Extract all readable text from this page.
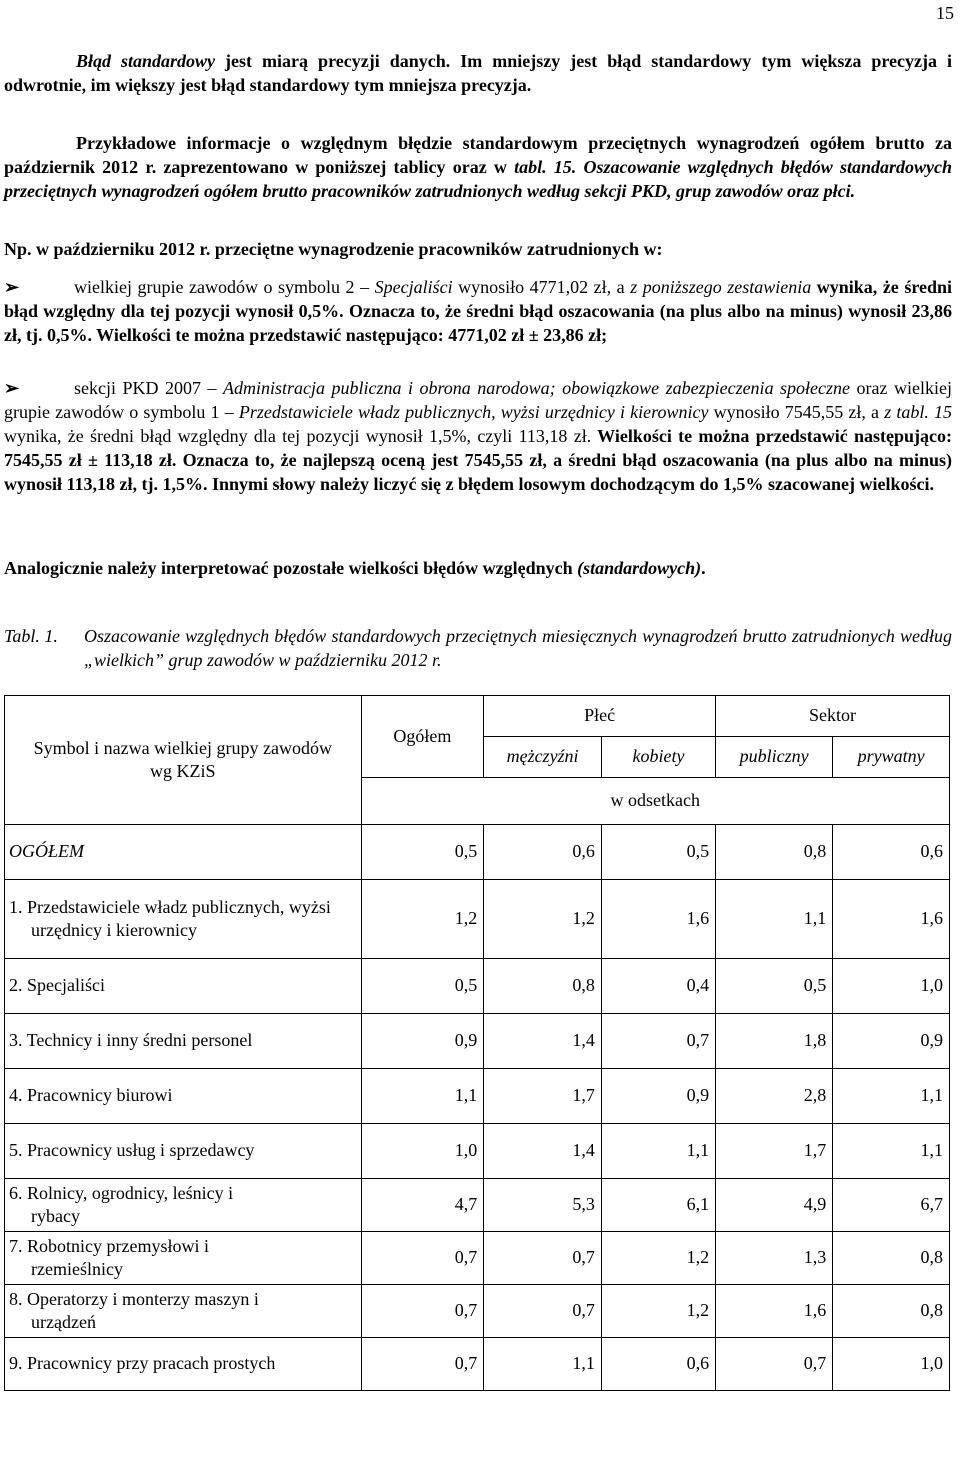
15

Błąd standardowy jest miarą precyzji danych. Im mniejszy jest błąd standardowy tym większa precyzja i odwrotnie, im większy jest błąd standardowy tym mniejsza precyzja.

Przykładowe informacje o względnym błędzie standardowym przeciętnych wynagrodzeń ogółem brutto za październik 2012 r. zaprezentowano w poniższej tablicy oraz w tabl. 15. Oszacowanie względnych błędów standardowych przeciętnych wynagrodzeń ogółem brutto pracowników zatrudnionych według sekcji PKD, grup zawodów oraz płci.

Np. w październiku 2012 r. przeciętne wynagrodzenie pracowników zatrudnionych w:

➢	wielkiej grupie zawodów o symbolu 2 – Specjaliści wynosiło 4771,02 zł, a z poniższego zestawienia wynika, że średni błąd względny dla tej pozycji wynosił 0,5%. Oznacza to, że średni błąd oszacowania (na plus albo na minus) wynosił 23,86 zł, tj. 0,5%. Wielkości te można przedstawić następująco: 4771,02 zł ± 23,86 zł;

➢	sekcji PKD 2007 – Administracja publiczna i obrona narodowa; obowiązkowe zabezpieczenia społeczne oraz wielkiej grupie zawodów o symbolu 1 – Przedstawiciele władz publicznych, wyżsi urzędnicy i kierownicy wynosiło 7545,55 zł, a z tabl. 15 wynika, że średni błąd względny dla tej pozycji wynosił 1,5%, czyli 113,18 zł. Wielkości te można przedstawić następująco: 7545,55 zł ± 113,18 zł. Oznacza to, że najlepszą oceną jest 7545,55 zł, a średni błąd oszacowania (na plus albo na minus) wynosił 113,18 zł, tj. 1,5%. Innymi słowy należy liczyć się z błędem losowym dochodzącym do 1,5% szacowanej wielkości.

Analogicznie należy interpretować pozostałe wielkości błędów względnych (standardowych).

Tabl. 1.	Oszacowanie względnych błędów standardowych przeciętnych miesięcznych wynagrodzeń brutto zatrudnionych według „wielkich” grup zawodów w październiku 2012 r.
Symbol i nazwa wielkiej grupy zawodów wg KZiS	Ogółem	Płeć		Sektor	
		mężczyźni	kobiety	publiczny	prywatny
	w odsetkach				
OGÓŁEM	0,5	0,6	0,5	0,8	0,6

1. Przedstawiciele władz publicznych, wyżsi urzędnicy i kierownicy	1,2	1,2	1,6	1,1	1,6
2. Specjaliści	0,5	0,8	0,4	0,5	1,0
3. Technicy i inny średni personel	0,9	1,4	0,7	1,8	0,9
4. Pracownicy biurowi	1,1	1,7	0,9	2,8	1,1
5. Pracownicy usług i sprzedawcy	1,0	1,4	1,1	1,7	1,1

6. Rolnicy, ogrodnicy, leśnicy i rybacy	4,7	5,3	6,1	4,9	6,7

7. Robotnicy przemysłowi i rzemieślnicy	0,7	0,7	1,2	1,3	0,8

8. Operatorzy i monterzy maszyn i urządzeń	0,7	0,7	1,2	1,6	0,8

9. Pracownicy przy pracach prostych	0,7	1,1	0,6	0,7	1,0
